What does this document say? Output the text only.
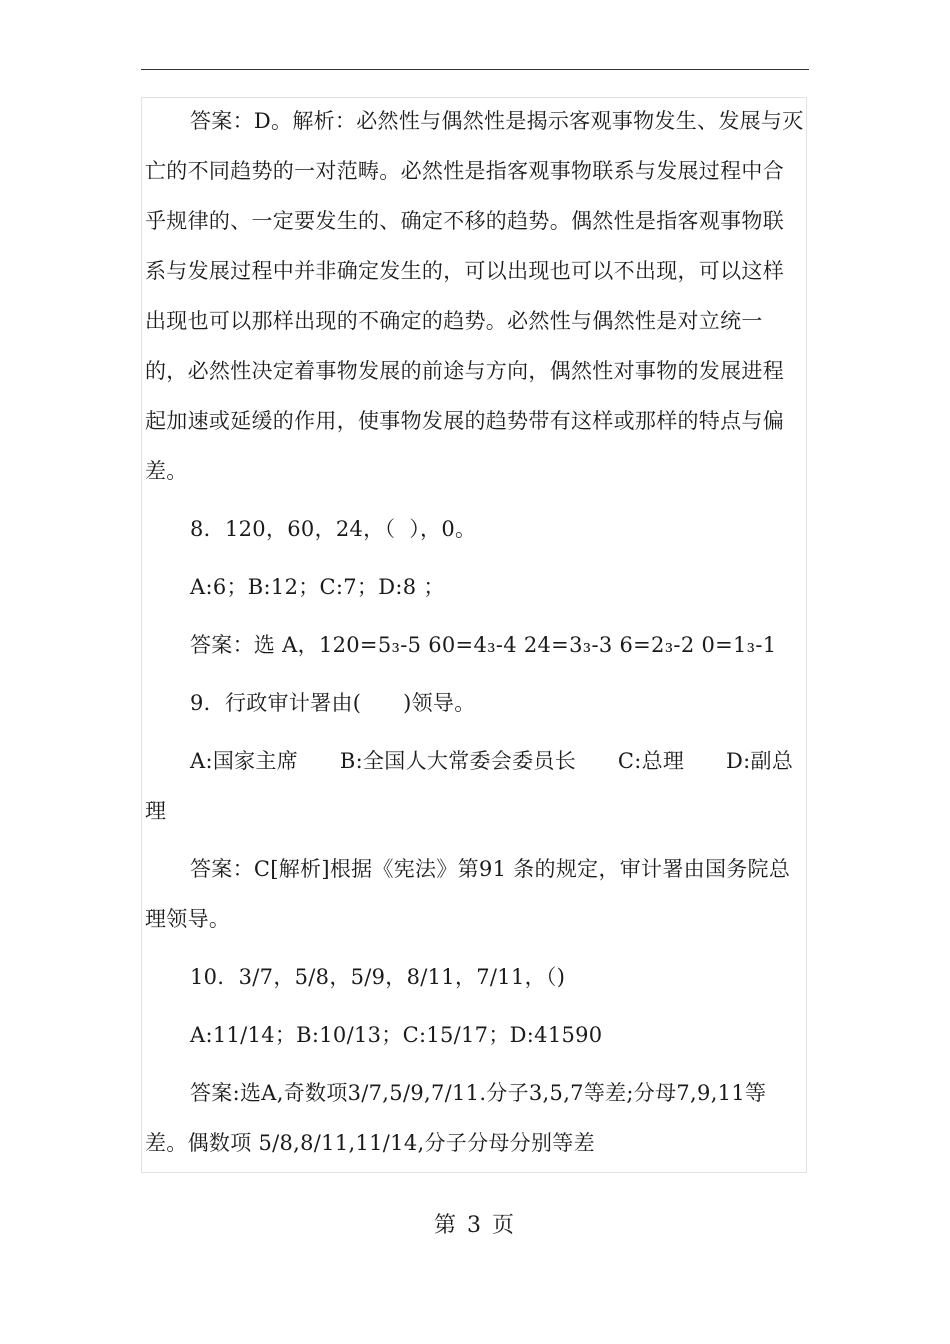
答案：D。解析：必然性与偶然性是揭示客观事物发生、发展与灭亡的不同趋势的一对范畴。必然性是指客观事物联系与发展过程中合乎规律的、一定要发生的、确定不移的趋势。偶然性是指客观事物联系与发展过程中并非确定发生的，可以出现也可以不出现，可以这样出现也可以那样出现的不确定的趋势。必然性与偶然性是对立统一的，必然性决定着事物发展的前途与方向，偶然性对事物的发展进程起加速或延缓的作用，使事物发展的趋势带有这样或那样的特点与偏差。

8．120，60，24，（  ），0。

A:6；B:12；C:7；D:8 ；

答案：选 A，120=5₃-5 60=4₃-4 24=3₃-3 6=2₃-2 0=1₃-1

9．行政审计署由(      )领导。

A:国家主席      B:全国人大常委会委员长      C:总理      D:副总理

答案：C[解析]根据《宪法》第91 条的规定，审计署由国务院总理领导。

10．3/7，5/8，5/9，8/11，7/11，（)

A:11/14；B:10/13；C:15/17；D:41590

答案:选A,奇数项3/7,5/9,7/11.分子3,5,7等差;分母7,9,11等差。偶数项 5/8,8/11,11/14,分子分母分别等差

第 3 页
